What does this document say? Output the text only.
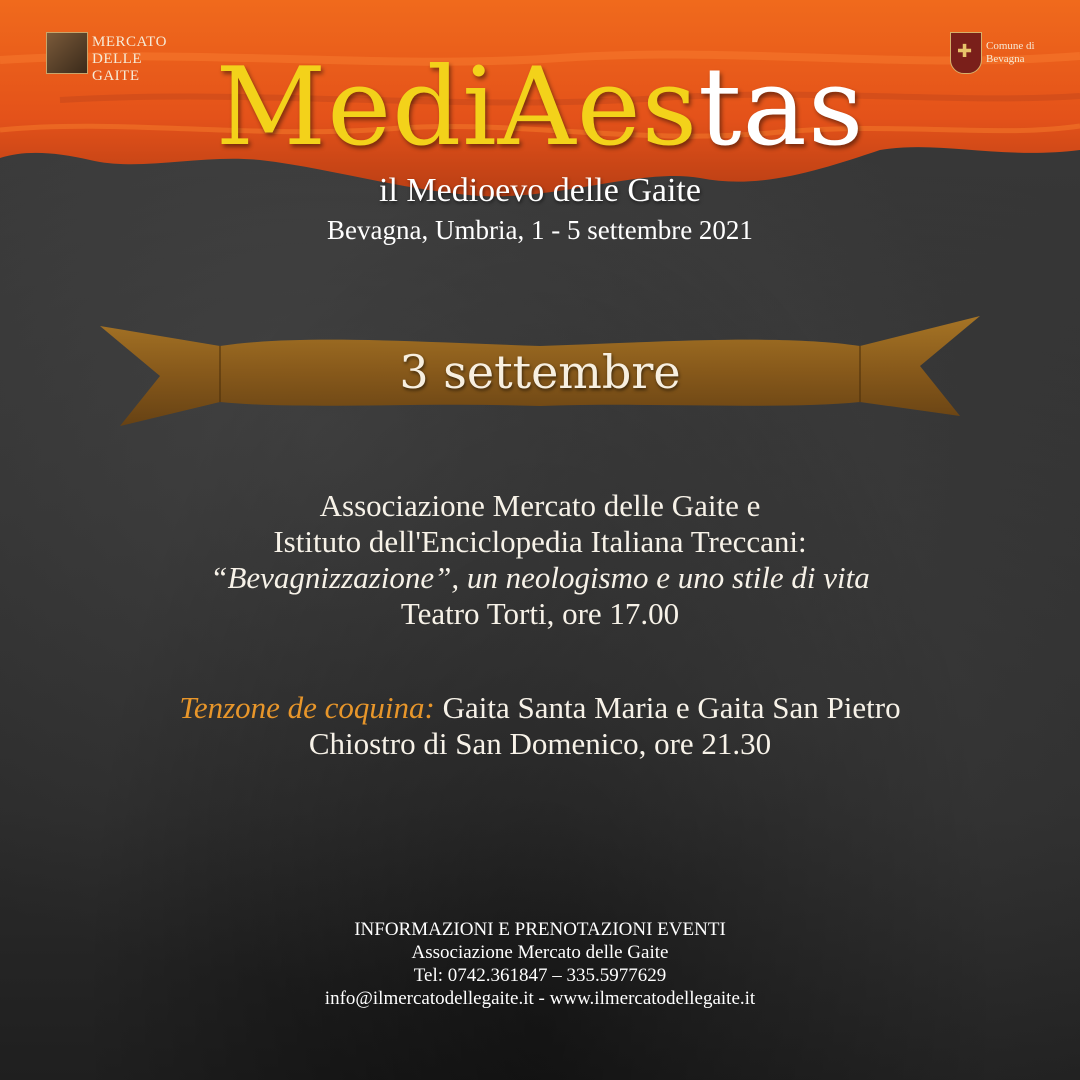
MERCATO
DELLE GAITE
✚
Comune di
Bevagna
MediAestas
il Medioevo delle Gaite
Bevagna, Umbria, 1 - 5 settembre 2021
3 settembre
Associazione Mercato delle Gaite e
Istituto dell'Enciclopedia Italiana Treccani:
“Bevagnizzazione”, un neologismo e uno stile di vita
Teatro Torti, ore 17.00
Tenzone de coquina: Gaita Santa Maria e Gaita San Pietro
Chiostro di San Domenico, ore 21.30
INFORMAZIONI E PRENOTAZIONI EVENTI
Associazione Mercato delle Gaite
Tel: 0742.361847 – 335.5977629
info@ilmercatodellegaite.it - www.ilmercatodellegaite.it
